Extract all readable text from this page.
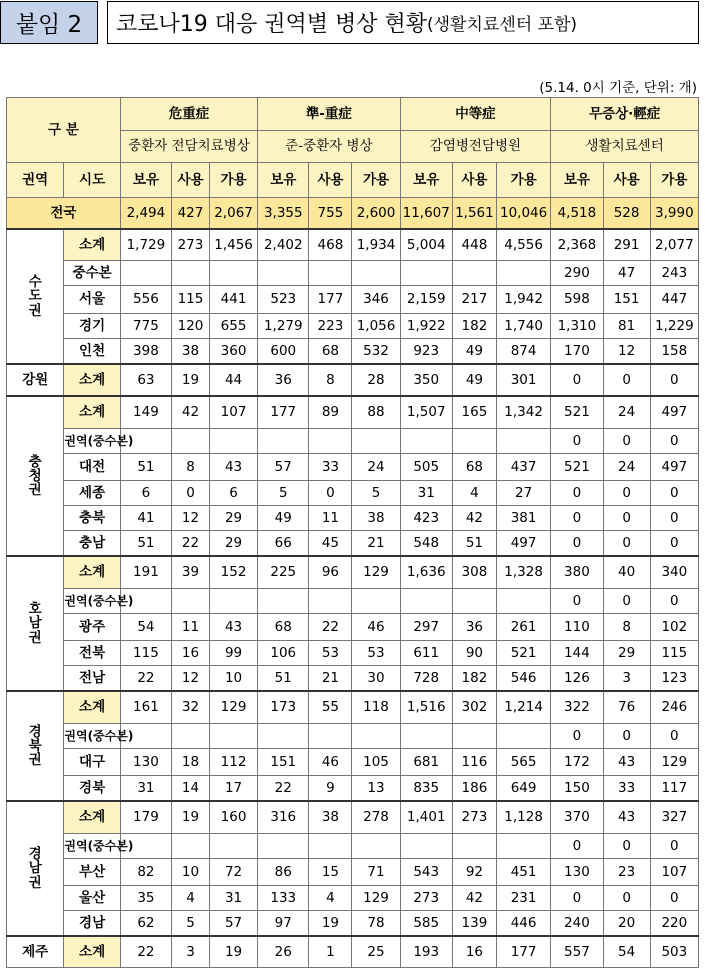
붙임 2	코로나19 대응 권역별 병상 현황 (생활치료센터 포함)
(5.14. 0시 기준, 단위: 개)
구 분		危重症			準-重症			中等症			무증상·輕症		
		중환자 전담치료병상			준-중환자 병상			감염병전담병원			생활치료센터		
권역	시도	보유	사용	가용	보유	사용	가용	보유	사용	가용	보유	사용	가용
전국		2,494	427	2,067	3,355	755	2,600	11,607	1,561	10,046	4,518	528	3,990
수도권	소계	1,729	273	1,456	2,402	468	1,934	5,004	448	4,556	2,368	291	2,077
	중수본										290	47	243
	서울	556	115	441	523	177	346	2,159	217	1,942	598	151	447
	경기	775	120	655	1,279	223	1,056	1,922	182	1,740	1,310	81	1,229
	인천	398	38	360	600	68	532	923	49	874	170	12	158
강원	소계	63	19	44	36	8	28	350	49	301	0	0	0
충청권	소계	149	42	107	177	89	88	1,507	165	1,342	521	24	497
	권역(중수본)										0	0	0
	대전	51	8	43	57	33	24	505	68	437	521	24	497
	세종	6	0	6	5	0	5	31	4	27	0	0	0
	충북	41	12	29	49	11	38	423	42	381	0	0	0
	충남	51	22	29	66	45	21	548	51	497	0	0	0
호남권	소계	191	39	152	225	96	129	1,636	308	1,328	380	40	340
	권역(중수본)										0	0	0
	광주	54	11	43	68	22	46	297	36	261	110	8	102
	전북	115	16	99	106	53	53	611	90	521	144	29	115
	전남	22	12	10	51	21	30	728	182	546	126	3	123
경북권	소계	161	32	129	173	55	118	1,516	302	1,214	322	76	246
	권역(중수본)										0	0	0
	대구	130	18	112	151	46	105	681	116	565	172	43	129
	경북	31	14	17	22	9	13	835	186	649	150	33	117
경남권	소계	179	19	160	316	38	278	1,401	273	1,128	370	43	327
	권역(중수본)										0	0	0
	부산	82	10	72	86	15	71	543	92	451	130	23	107
	울산	35	4	31	133	4	129	273	42	231	0	0	0
	경남	62	5	57	97	19	78	585	139	446	240	20	220
제주	소계	22	3	19	26	1	25	193	16	177	557	54	503
